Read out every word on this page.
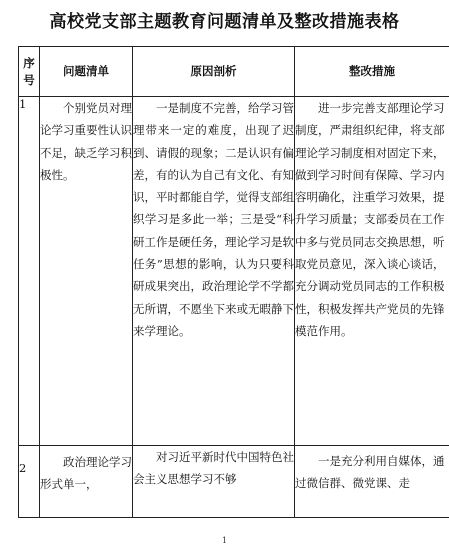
高校党支部主题教育问题清单及整改措施表格
序号	问题清单	原因剖析	整改措施
1	个别党员对理论学习重要性认识不足，缺乏学习积极性。	一是制度不完善，给学习管理带来一定的难度，出现了迟到、请假的现象；二是认识有偏差，有的认为自己有文化、有知识，平时都能自学，觉得支部组织学习是多此一举；三是受“科研工作是硬任务，理论学习是软任务”思想的影响，认为只要科研成果突出，政治理论学不学都无所谓，不愿坐下来或无暇静下来学理论。	进一步完善支部理论学习制度，严肃组织纪律，将支部理论学习制度相对固定下来，做到学习时间有保障、学习内容明确化，注重学习效果，提升学习质量；支部委员在工作中多与党员同志交换思想，听取党员意见，深入谈心谈话，充分调动党员同志的工作积极性，积极发挥共产党员的先锋模范作用。

2	政治理论学习形式单一，	对习近平新时代中国特色社会主义思想学习不够	一是充分利用自媒体，通过微信群、微党课、走
1
